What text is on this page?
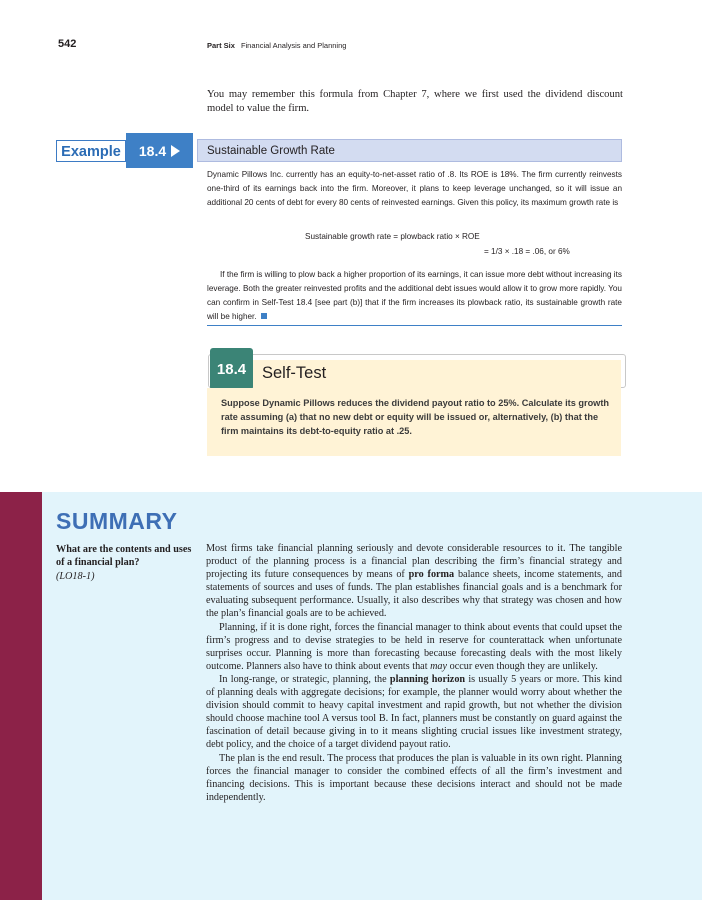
542	Part Six Financial Analysis and Planning
You may remember this formula from Chapter 7, where we first used the dividend discount model to value the firm.
Example	18.4	Sustainable Growth Rate
Dynamic Pillows Inc. currently has an equity-to-net-asset ratio of .8. Its ROE is 18%. The firm currently reinvests one-third of its earnings back into the firm. Moreover, it plans to keep leverage unchanged, so it will issue an additional 20 cents of debt for every 80 cents of reinvested earnings. Given this policy, its maximum growth rate is
Sustainable growth rate = plowback ratio × ROE
= 1/3 × .18 = .06, or 6%
If the firm is willing to plow back a higher proportion of its earnings, it can issue more debt without increasing its leverage. Both the greater reinvested profits and the additional debt issues would allow it to grow more rapidly. You can confirm in Self-Test 18.4 [see part (b)] that if the firm increases its plowback ratio, its sustainable growth rate will be higher.
18.4 Self-Test
Suppose Dynamic Pillows reduces the dividend payout ratio to 25%. Calculate its growth rate assuming (a) that no new debt or equity will be issued or, alternatively, (b) that the firm maintains its debt-to-equity ratio at .25.
SUMMARY
What are the contents and uses of a financial plan?
(LO18-1)

Most firms take financial planning seriously and devote considerable resources to it. The tangible product of the planning process is a financial plan describing the firm’s financial strategy and projecting its future consequences by means of pro forma balance sheets, income statements, and statements of sources and uses of funds. The plan establishes financial goals and is a benchmark for evaluating subsequent performance. Usually, it also describes why that strategy was chosen and how the plan’s financial goals are to be achieved.

Planning, if it is done right, forces the financial manager to think about events that could upset the firm’s progress and to devise strategies to be held in reserve for counterattack when unfortunate surprises occur. Planning is more than forecasting because forecasting deals with the most likely outcome. Planners also have to think about events that may occur even though they are unlikely.

In long-range, or strategic, planning, the planning horizon is usually 5 years or more. This kind of planning deals with aggregate decisions; for example, the planner would worry about whether the division should commit to heavy capital investment and rapid growth, but not whether the division should choose machine tool A versus tool B. In fact, planners must be constantly on guard against the fascination of detail because giving in to it means slighting crucial issues like investment strategy, debt policy, and the choice of a target dividend payout ratio.

The plan is the end result. The process that produces the plan is valuable in its own right. Planning forces the financial manager to consider the combined effects of all the firm’s investment and financing decisions. This is important because these decisions interact and should not be made independently.
